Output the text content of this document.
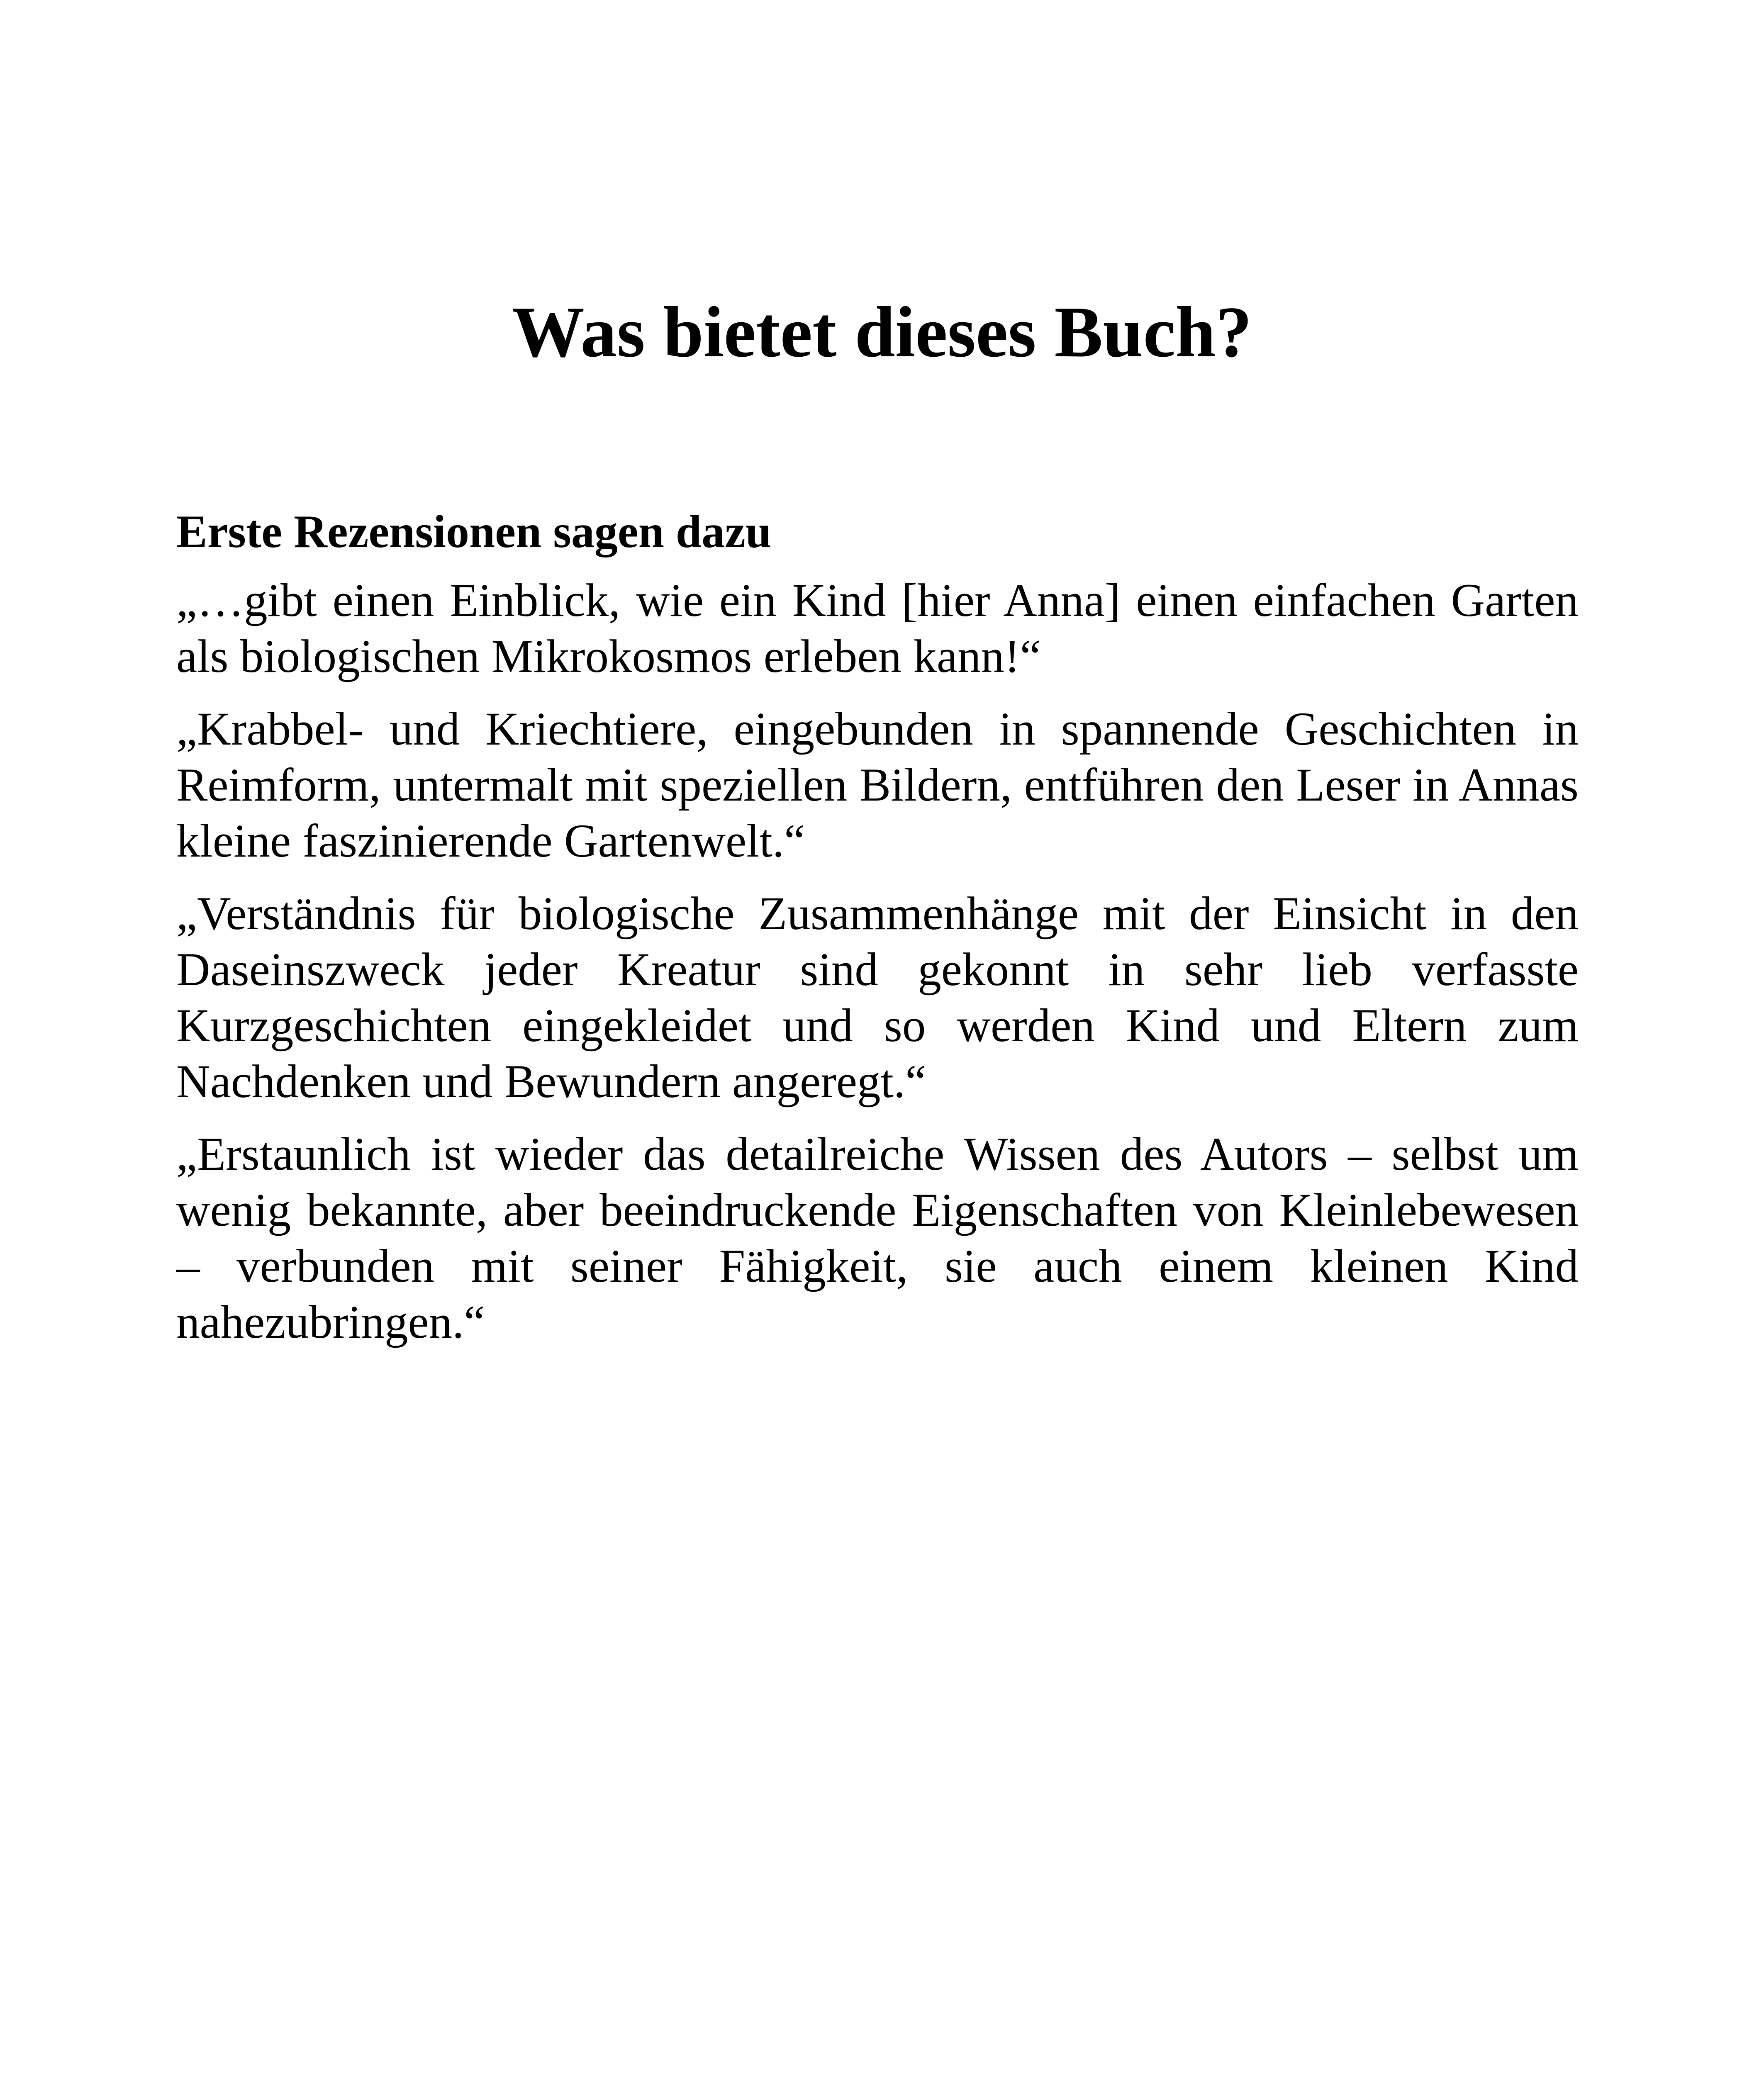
Was bietet dieses Buch?
Erste Rezensionen sagen dazu

„…gibt einen Einblick, wie ein Kind [hier Anna] einen einfachen Garten als biologischen Mikrokosmos erleben kann!“

„Krabbel- und Kriechtiere, eingebunden in spannende Geschichten in Reimform, untermalt mit speziellen Bildern, entführen den Leser in Annas kleine faszinierende Gartenwelt.“

„Verständnis für biologische Zusammenhänge mit der Einsicht in den Daseinszweck jeder Kreatur sind gekonnt in sehr lieb verfasste Kurzgeschichten eingekleidet und so werden Kind und Eltern zum Nachdenken und Bewundern angeregt.“

„Erstaunlich ist wieder das detailreiche Wissen des Autors – selbst um wenig bekannte, aber beeindruckende Eigenschaften von Kleinlebewesen – verbunden mit seiner Fähigkeit, sie auch einem kleinen Kind nahezubringen.“
